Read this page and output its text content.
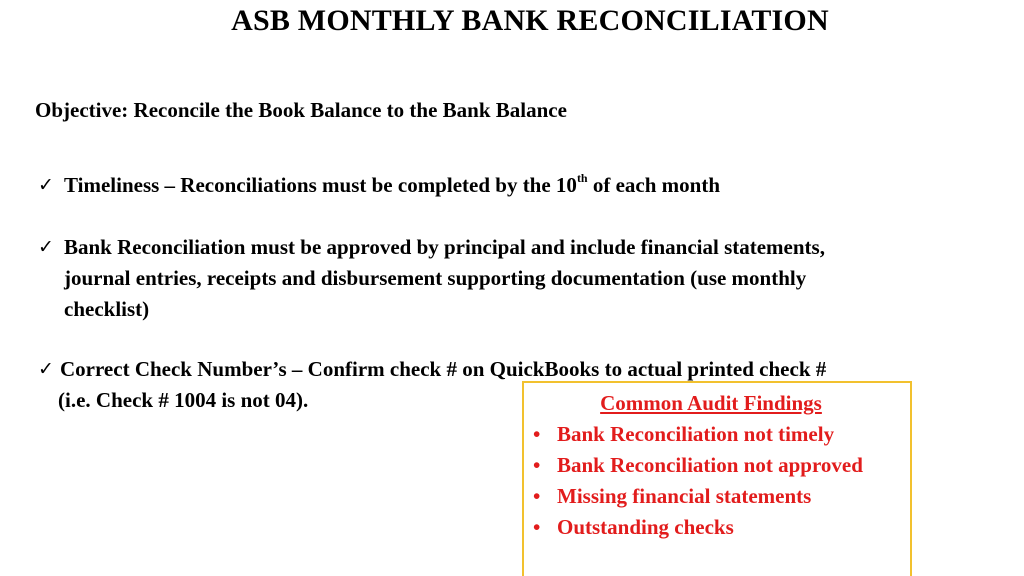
ASB MONTHLY BANK RECONCILIATION
Objective: Reconcile the Book Balance to the Bank Balance
✓ Timeliness – Reconciliations must be completed by the 10th of each month
✓ Bank Reconciliation must be approved by principal and include financial statements,
journal entries, receipts and disbursement supporting documentation (use monthly
checklist)
✓ Correct Check Number’s – Confirm check # on QuickBooks to actual printed check #
(i.e. Check # 1004 is not 04).	Common Audit Findings
• Bank Reconciliation not timely
• Bank Reconciliation not approved
• Missing financial statements
• Outstanding checks
